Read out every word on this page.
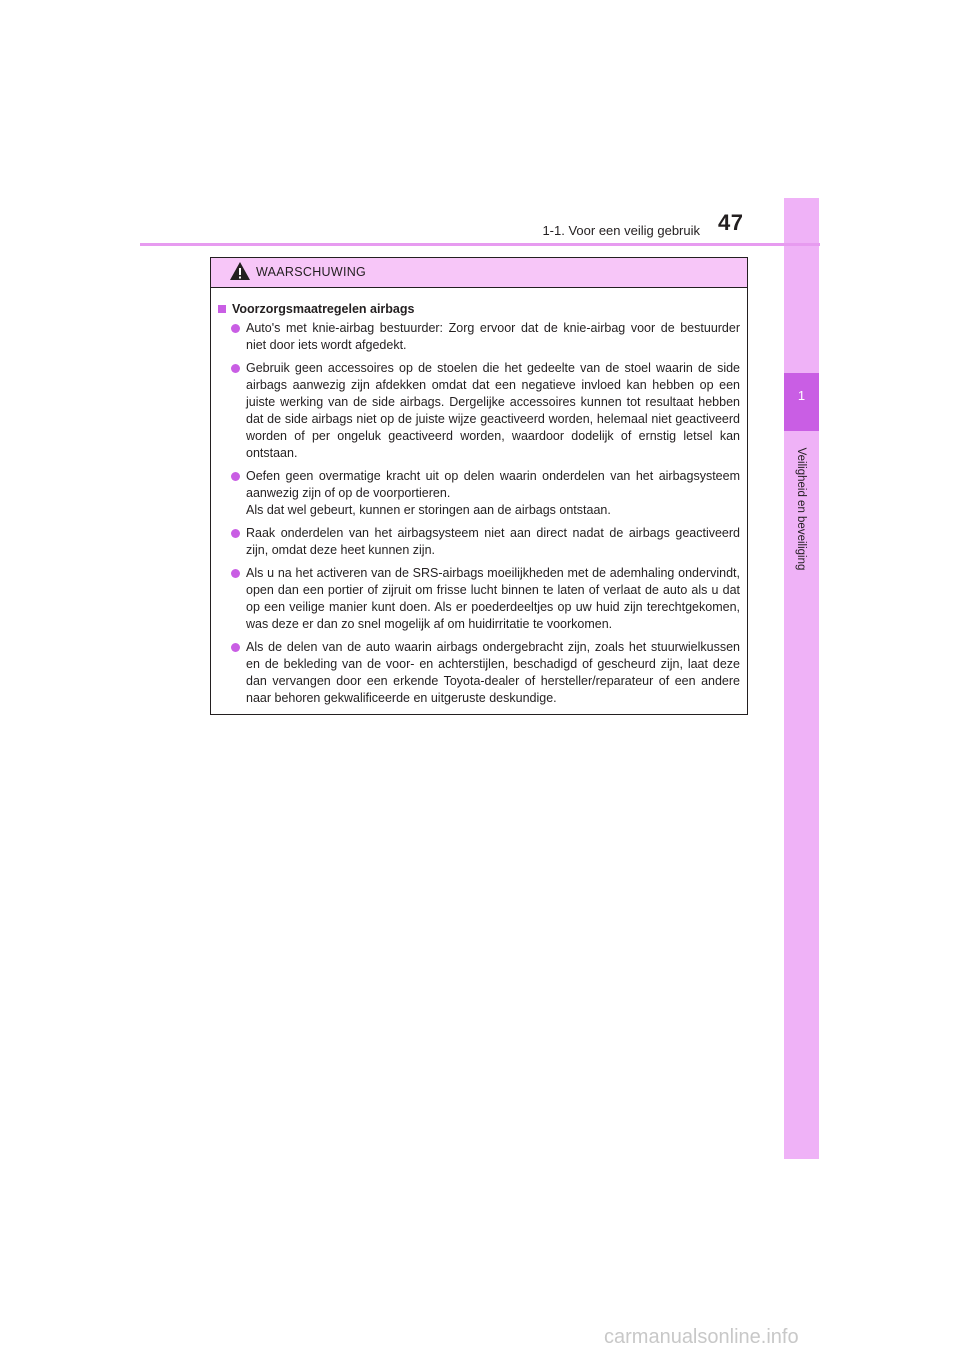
1
Veiligheid en beveiliging
1-1. Voor een veilig gebruik 47
WAARSCHUWING
Voorzorgsmaatregelen airbags
Auto's met knie-airbag bestuurder: Zorg ervoor dat de knie-airbag voor de bestuurder niet door iets wordt afgedekt.
Gebruik geen accessoires op de stoelen die het gedeelte van de stoel waarin de side airbags aanwezig zijn afdekken omdat dat een negatieve invloed kan hebben op een juiste werking van de side airbags. Dergelijke accessoires kunnen tot resultaat hebben dat de side airbags niet op de juiste wijze geactiveerd worden, helemaal niet geactiveerd worden of per ongeluk geactiveerd worden, waardoor dodelijk of ernstig letsel kan ontstaan.
Oefen geen overmatige kracht uit op delen waarin onderdelen van het airbagsysteem aanwezig zijn of op de voorportieren.
Als dat wel gebeurt, kunnen er storingen aan de airbags ontstaan.
Raak onderdelen van het airbagsysteem niet aan direct nadat de airbags geactiveerd zijn, omdat deze heet kunnen zijn.
Als u na het activeren van de SRS-airbags moeilijkheden met de ademhaling ondervindt, open dan een portier of zijruit om frisse lucht binnen te laten of verlaat de auto als u dat op een veilige manier kunt doen. Als er poederdeeltjes op uw huid zijn terechtgekomen, was deze er dan zo snel mogelijk af om huidirritatie te voorkomen.
Als de delen van de auto waarin airbags ondergebracht zijn, zoals het stuurwielkussen en de bekleding van de voor- en achterstijlen, beschadigd of gescheurd zijn, laat deze dan vervangen door een erkende Toyota-dealer of hersteller/reparateur of een andere naar behoren gekwalificeerde en uitgeruste deskundige.
carmanualsonline.info
